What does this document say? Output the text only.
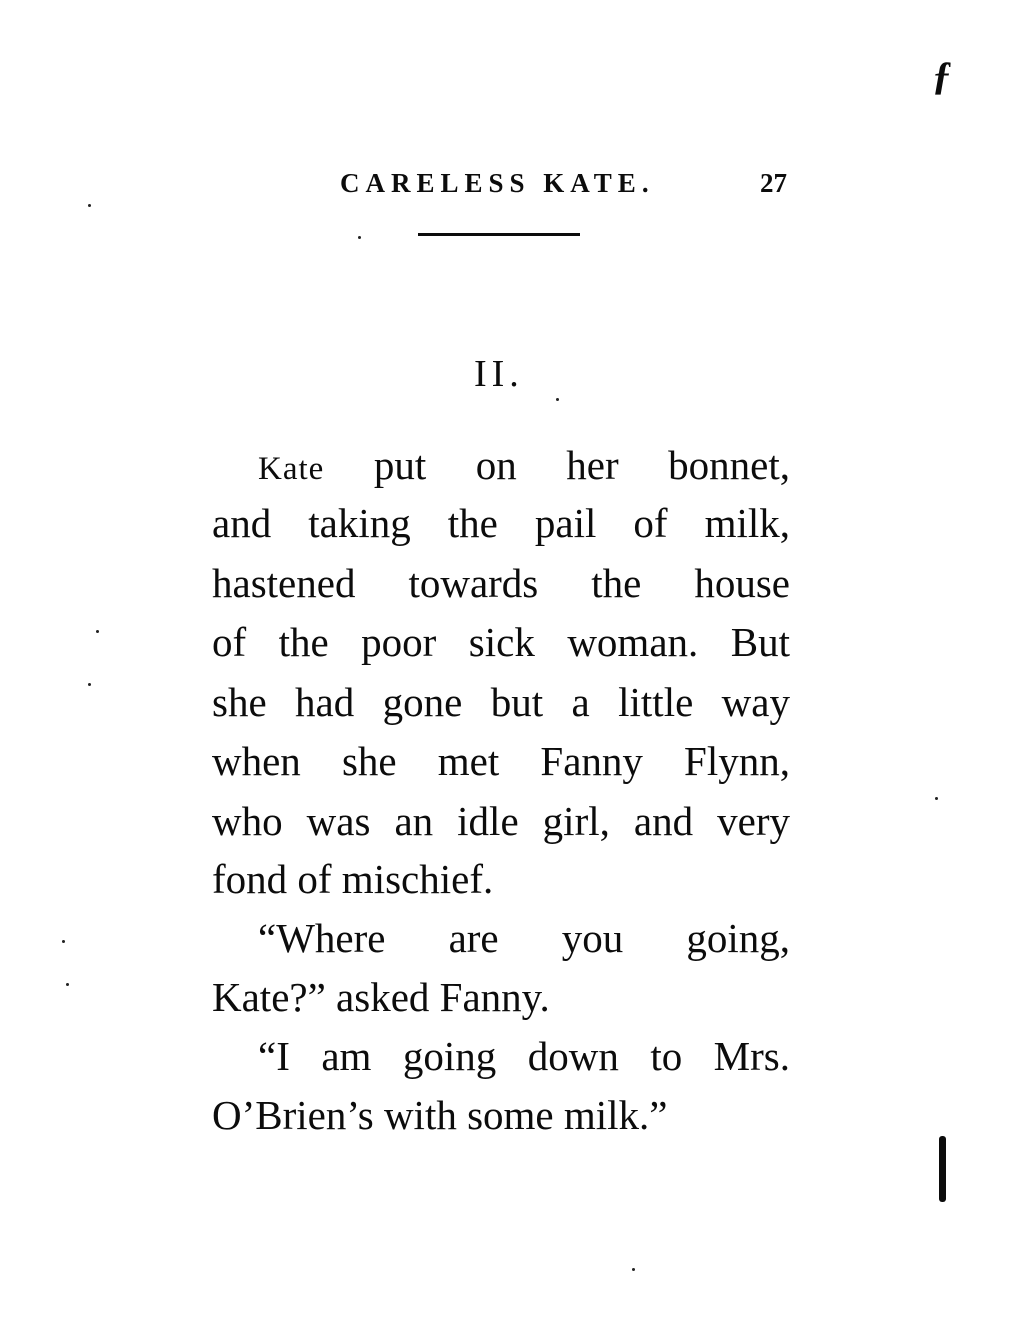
ƒ
CARELESS KATE.	27
II.
Kate put on her bonnet,
and taking the pail of milk,
hastened towards the house
of the poor sick woman. But
she had gone but a little way
when she met Fanny Flynn,
who was an idle girl, and very
fond of mischief.
“Where are you going,
Kate?” asked Fanny.
“I am going down to Mrs.
O’Brien’s with some milk.”
